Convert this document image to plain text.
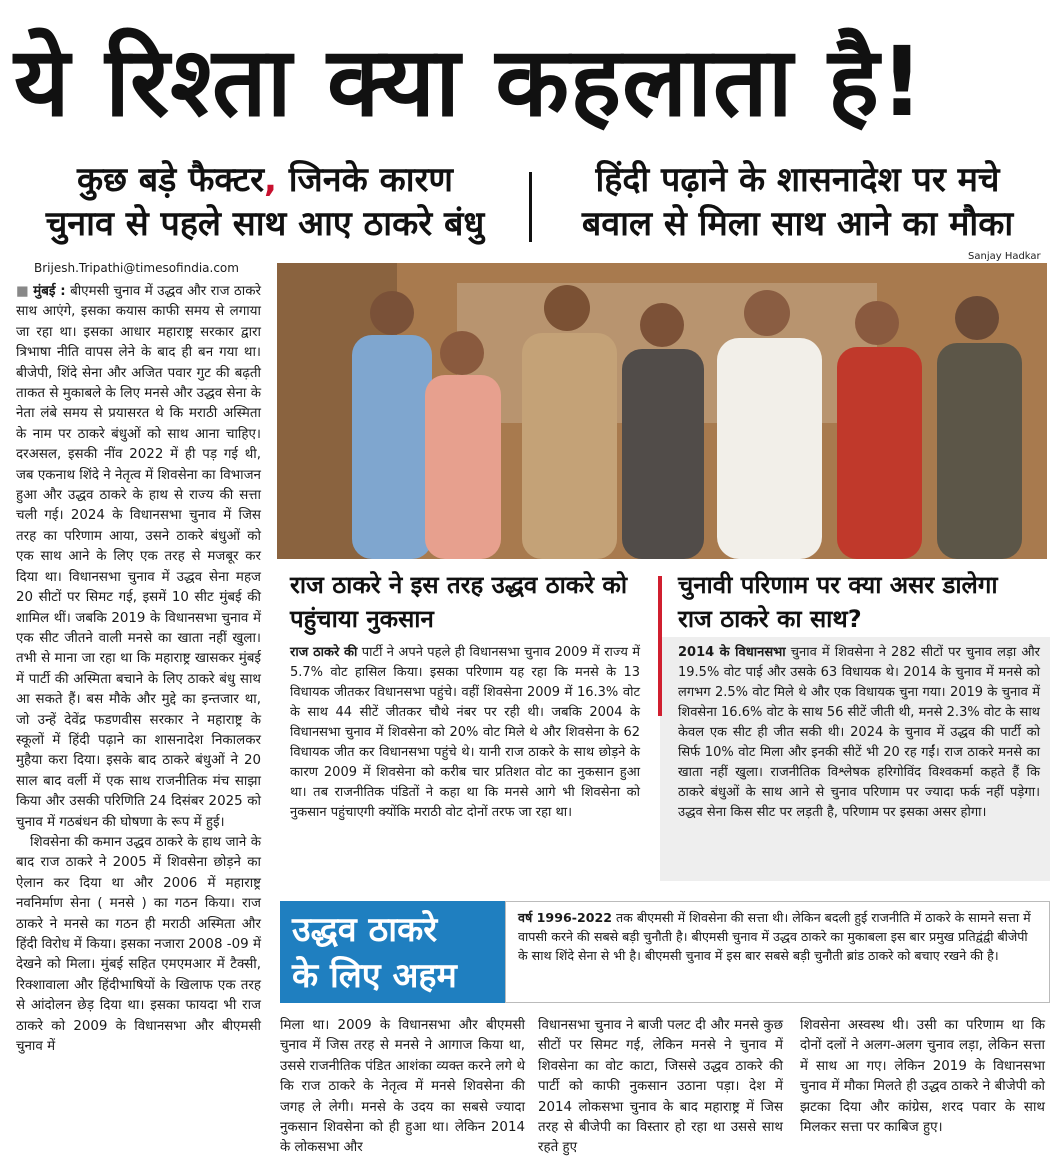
ये रिश्ता क्या कहलाता है!
कुछ बड़े फैक्टर, जिनके कारण
चुनाव से पहले साथ आए ठाकरे बंधु
हिंदी पढ़ाने के शासनादेश पर मचे
बवाल से मिला साथ आने का मौका
Brijesh.Tripathi@timesofindia.com
Sanjay Hadkar

■ मुंबई : बीएमसी चुनाव में उद्धव और राज ठाकरे साथ आएंगे, इसका कयास काफी समय से लगाया जा रहा था। इसका आधार महाराष्ट्र सरकार द्वारा त्रिभाषा नीति वापस लेने के बाद ही बन गया था। बीजेपी, शिंदे सेना और अजित पवार गुट की बढ़ती ताकत से मुकाबले के लिए मनसे और उद्धव सेना के नेता लंबे समय से प्रयासरत थे कि मराठी अस्मिता के नाम पर ठाकरे बंधुओं को साथ आना चाहिए। दरअसल, इसकी नींव 2022 में ही पड़ गई थी, जब एकनाथ शिंदे ने नेतृत्व में शिवसेना का विभाजन हुआ और उद्धव ठाकरे के हाथ से राज्य की सत्ता चली गई। 2024 के विधानसभा चुनाव में जिस तरह का परिणाम आया, उसने ठाकरे बंधुओं को एक साथ आने के लिए एक तरह से मजबूर कर दिया था। विधानसभा चुनाव में उद्धव सेना महज 20 सीटों पर सिमट गई, इसमें 10 सीट मुंबई की शामिल थीं। जबकि 2019 के विधानसभा चुनाव में एक सीट जीतने वाली मनसे का खाता नहीं खुला। तभी से माना जा रहा था कि महाराष्ट्र खासकर मुंबई में पार्टी की अस्मिता बचाने के लिए ठाकरे बंधु साथ आ सकते हैं। बस मौके और मुद्दे का इन्तजार था, जो उन्हें देवेंद्र फडणवीस सरकार ने महाराष्ट्र के स्कूलों में हिंदी पढ़ाने का शासनादेश निकालकर मुहैया करा दिया। इसके बाद ठाकरे बंधुओं ने 20 साल बाद वर्ली में एक साथ राजनीतिक मंच साझा किया और उसकी परिणिति 24 दिसंबर 2025 को चुनाव में गठबंधन की घोषणा के रूप में हुई।

शिवसेना की कमान उद्धव ठाकरे के हाथ जाने के बाद राज ठाकरे ने 2005 में शिवसेना छोड़ने का ऐलान कर दिया था और 2006 में महाराष्ट्र नवनिर्माण सेना ( मनसे ) का गठन किया। राज ठाकरे ने मनसे का गठन ही मराठी अस्मिता और हिंदी विरोध में किया। इसका नजारा 2008 -09 में देखने को मिला। मुंबई सहित एमएमआर में टैक्सी, रिक्शावाला और हिंदीभाषियों के खिलाफ एक तरह से आंदोलन छेड़ दिया था। इसका फायदा भी राज ठाकरे को 2009 के विधानसभा और बीएमसी चुनाव में

राज ठाकरे ने इस तरह उद्धव ठाकरे को पहुंचाया नुकसान

राज ठाकरे की पार्टी ने अपने पहले ही विधानसभा चुनाव 2009 में राज्य में 5.7% वोट हासिल किया। इसका परिणाम यह रहा कि मनसे के 13 विधायक जीतकर विधानसभा पहुंचे। वहीं शिवसेना 2009 में 16.3% वोट के साथ 44 सीटें जीतकर चौथे नंबर पर रही थी। जबकि 2004 के विधानसभा चुनाव में शिवसेना को 20% वोट मिले थे और शिवसेना के 62 विधायक जीत कर विधानसभा पहुंचे थे। यानी राज ठाकरे के साथ छोड़ने के कारण 2009 में शिवसेना को करीब चार प्रतिशत वोट का नुकसान हुआ था। तब राजनीतिक पंडितों ने कहा था कि मनसे आगे भी शिवसेना को नुकसान पहुंचाएगी क्योंकि मराठी वोट दोनों तरफ जा रहा था।

चुनावी परिणाम पर क्या असर डालेगा राज ठाकरे का साथ?

2014 के विधानसभा चुनाव में शिवसेना ने 282 सीटों पर चुनाव लड़ा और 19.5% वोट पाई और उसके 63 विधायक थे। 2014 के चुनाव में मनसे को लगभग 2.5% वोट मिले थे और एक विधायक चुना गया। 2019 के चुनाव में शिवसेना 16.6% वोट के साथ 56 सीटें जीती थी, मनसे 2.3% वोट के साथ केवल एक सीट ही जीत सकी थी। 2024 के चुनाव में उद्धव की पार्टी को सिर्फ 10% वोट मिला और इनकी सीटें भी 20 रह गईं। राज ठाकरे मनसे का खाता नहीं खुला। राजनीतिक विश्लेषक हरिगोविंद विश्वकर्मा कहते हैं कि ठाकरे बंधुओं के साथ आने से चुनाव परिणाम पर ज्यादा फर्क नहीं पड़ेगा। उद्धव सेना किस सीट पर लड़ती है, परिणाम पर इसका असर होगा।

उद्धव ठाकरे
के लिए अहम
वर्ष 1996-2022 तक बीएमसी में शिवसेना की सत्ता थी। लेकिन बदली हुई राजनीति में ठाकरे के सामने सत्ता में वापसी करने की सबसे बड़ी चुनौती है। बीएमसी चुनाव में उद्धव ठाकरे का मुकाबला इस बार प्रमुख प्रतिद्वंद्वी बीजेपी के साथ शिंदे सेना से भी है। बीएमसी चुनाव में इस बार सबसे बड़ी चुनौती ब्रांड ठाकरे को बचाए रखने की है।
मिला था। 2009 के विधानसभा और बीएमसी चुनाव में जिस तरह से मनसे ने आगाज किया था, उससे राजनीतिक पंडित आशंका व्यक्त करने लगे थे कि राज ठाकरे के नेतृत्व में मनसे शिवसेना की जगह ले लेगी। मनसे के उदय का सबसे ज्यादा नुकसान शिवसेना को ही हुआ था। लेकिन 2014 के लोकसभा और
विधानसभा चुनाव ने बाजी पलट दी और मनसे कुछ सीटों पर सिमट गई, लेकिन मनसे ने चुनाव में शिवसेना का वोट काटा, जिससे उद्धव ठाकरे की पार्टी को काफी नुकसान उठाना पड़ा। देश में 2014 लोकसभा चुनाव के बाद महाराष्ट्र में जिस तरह से बीजेपी का विस्तार हो रहा था उससे साथ रहते हुए
शिवसेना अस्वस्थ थी। उसी का परिणाम था कि दोनों दलों ने अलग-अलग चुनाव लड़ा, लेकिन सत्ता में साथ आ गए। लेकिन 2019 के विधानसभा चुनाव में मौका मिलते ही उद्धव ठाकरे ने बीजेपी को झटका दिया और कांग्रेस, शरद पवार के साथ मिलकर सत्ता पर काबिज हुए।
